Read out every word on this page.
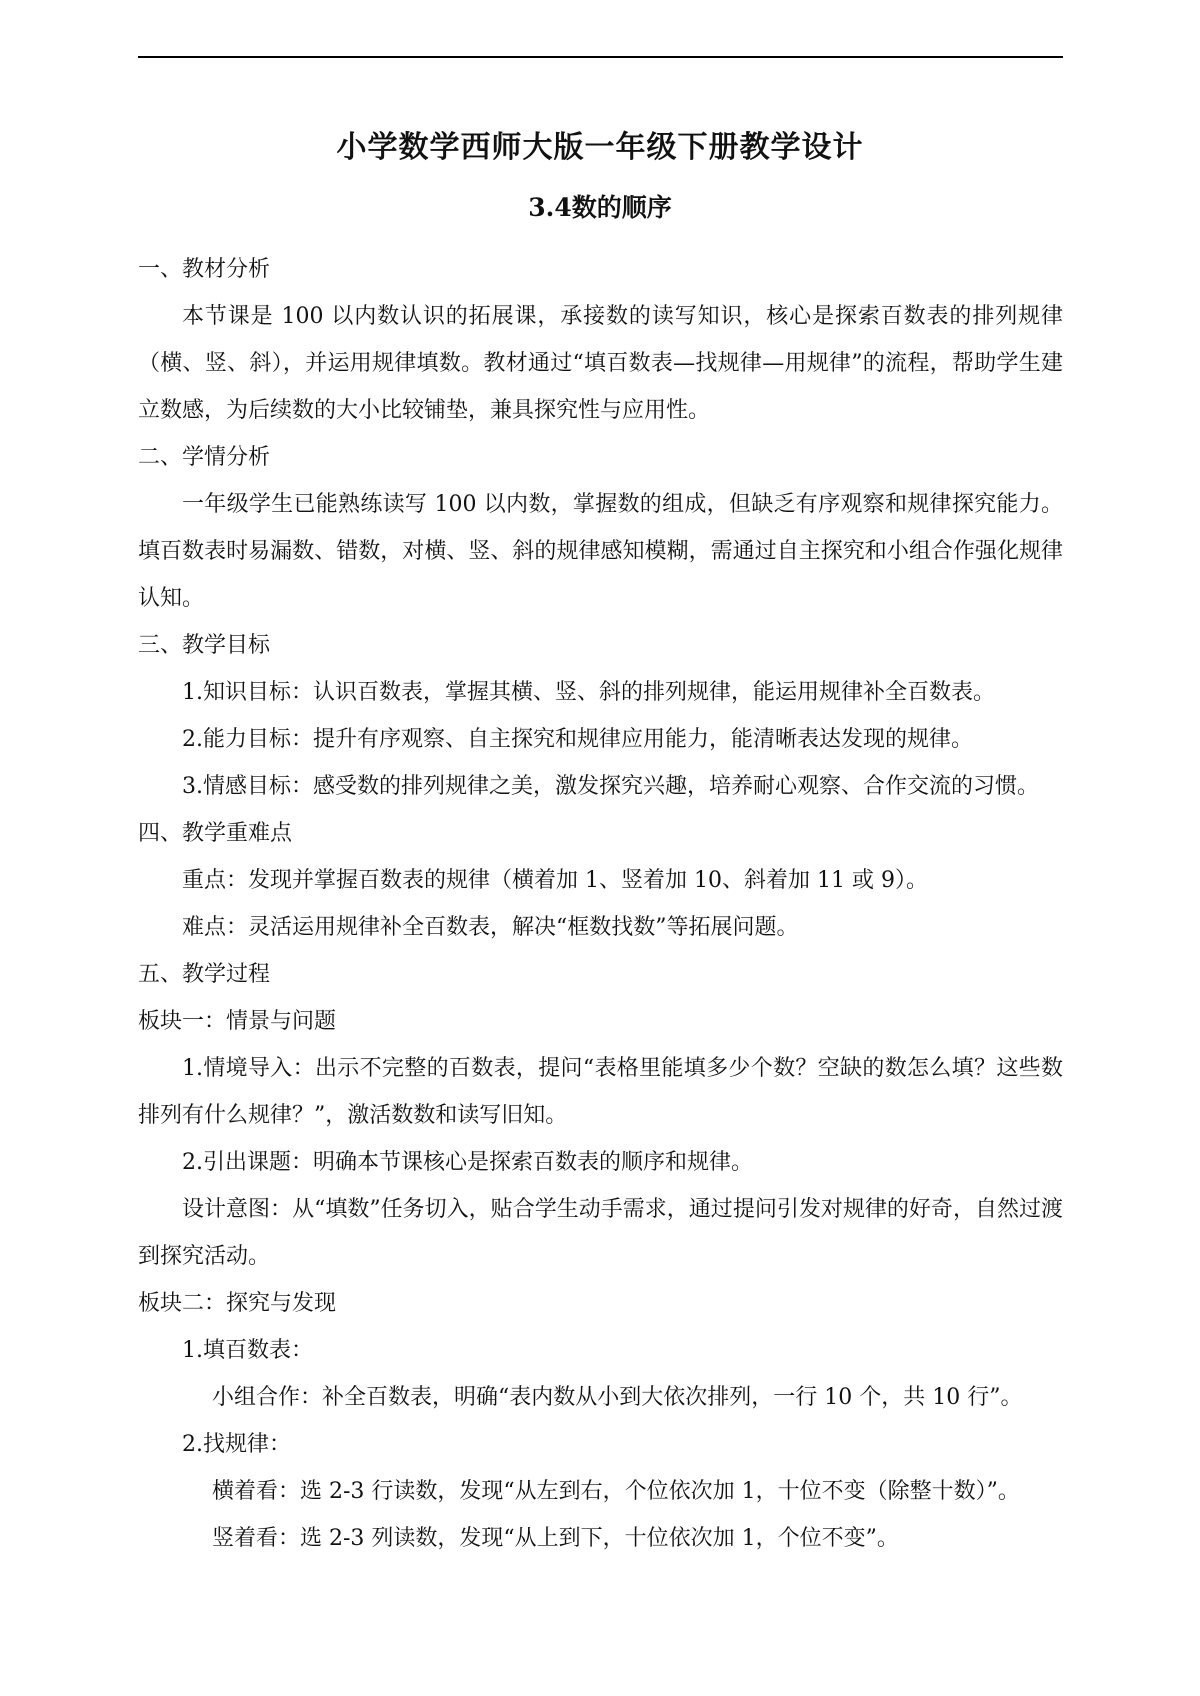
小学数学西师大版一年级下册教学设计
3.4数的顺序

一、教材分析

本节课是 100 以内数认识的拓展课，承接数的读写知识，核心是探索百数表的排列规律（横、竖、斜），并运用规律填数。教材通过“填百数表—找规律—用规律”的流程，帮助学生建立数感，为后续数的大小比较铺垫，兼具探究性与应用性。

二、学情分析

一年级学生已能熟练读写 100 以内数，掌握数的组成，但缺乏有序观察和规律探究能力。填百数表时易漏数、错数，对横、竖、斜的规律感知模糊，需通过自主探究和小组合作强化规律认知。

三、教学目标

1.知识目标：认识百数表，掌握其横、竖、斜的排列规律，能运用规律补全百数表。

2.能力目标：提升有序观察、自主探究和规律应用能力，能清晰表达发现的规律。

3.情感目标：感受数的排列规律之美，激发探究兴趣，培养耐心观察、合作交流的习惯。

四、教学重难点

重点：发现并掌握百数表的规律（横着加 1、竖着加 10、斜着加 11 或 9）。

难点：灵活运用规律补全百数表，解决“框数找数”等拓展问题。

五、教学过程

板块一：情景与问题

1.情境导入：出示不完整的百数表，提问“表格里能填多少个数？空缺的数怎么填？这些数排列有什么规律？”，激活数数和读写旧知。

2.引出课题：明确本节课核心是探索百数表的顺序和规律。

设计意图：从“填数”任务切入，贴合学生动手需求，通过提问引发对规律的好奇，自然过渡到探究活动。

板块二：探究与发现

1.填百数表：

小组合作：补全百数表，明确“表内数从小到大依次排列，一行 10 个，共 10 行”。

2.找规律：

横着看：选 2-3 行读数，发现“从左到右，个位依次加 1，十位不变（除整十数）”。

竖着看：选 2-3 列读数，发现“从上到下，十位依次加 1，个位不变”。
